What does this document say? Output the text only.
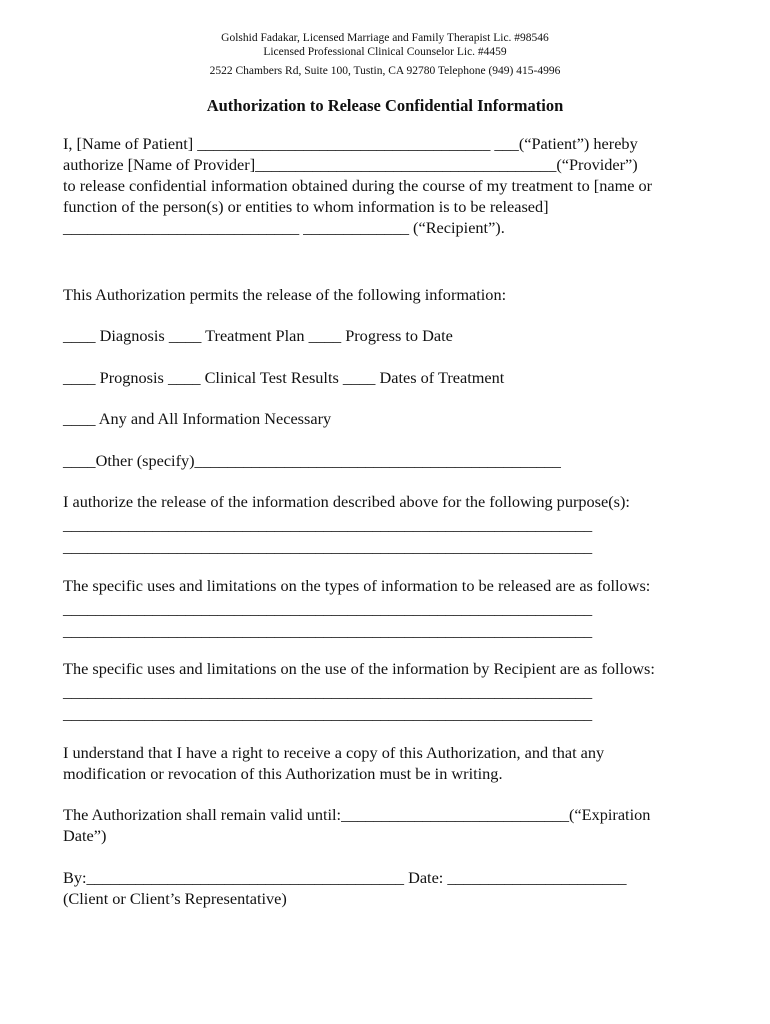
Golshid Fadakar, Licensed Marriage and Family Therapist Lic. #98546
Licensed Professional Clinical Counselor Lic. #4459
2522 Chambers Rd, Suite 100, Tustin, CA 92780 Telephone (949) 415-4996
Authorization to Release Confidential Information
I, [Name of Patient] ____________________________________ ___(“Patient”) hereby
authorize [Name of Provider]_____________________________________(“Provider”)
to release confidential information obtained during the course of my treatment to [name or
function of the person(s) or entities to whom information is to be released]
_____________________________ _____________ (“Recipient”).
This Authorization permits the release of the following information:
____ Diagnosis ____ Treatment Plan ____ Progress to Date
____ Prognosis ____ Clinical Test Results ____ Dates of Treatment
____ Any and All Information Necessary
____Other (specify)_____________________________________________
I authorize the release of the information described above for the following purpose(s):
_________________________________________________________________
_________________________________________________________________
The specific uses and limitations on the types of information to be released are as follows:
_________________________________________________________________
_________________________________________________________________
The specific uses and limitations on the use of the information by Recipient are as follows:
_________________________________________________________________
_________________________________________________________________
I understand that I have a right to receive a copy of this Authorization, and that any
modification or revocation of this Authorization must be in writing.
The Authorization shall remain valid until:____________________________(“Expiration
Date”)
By:_______________________________________ Date: ______________________
(Client or Client’s Representative)
